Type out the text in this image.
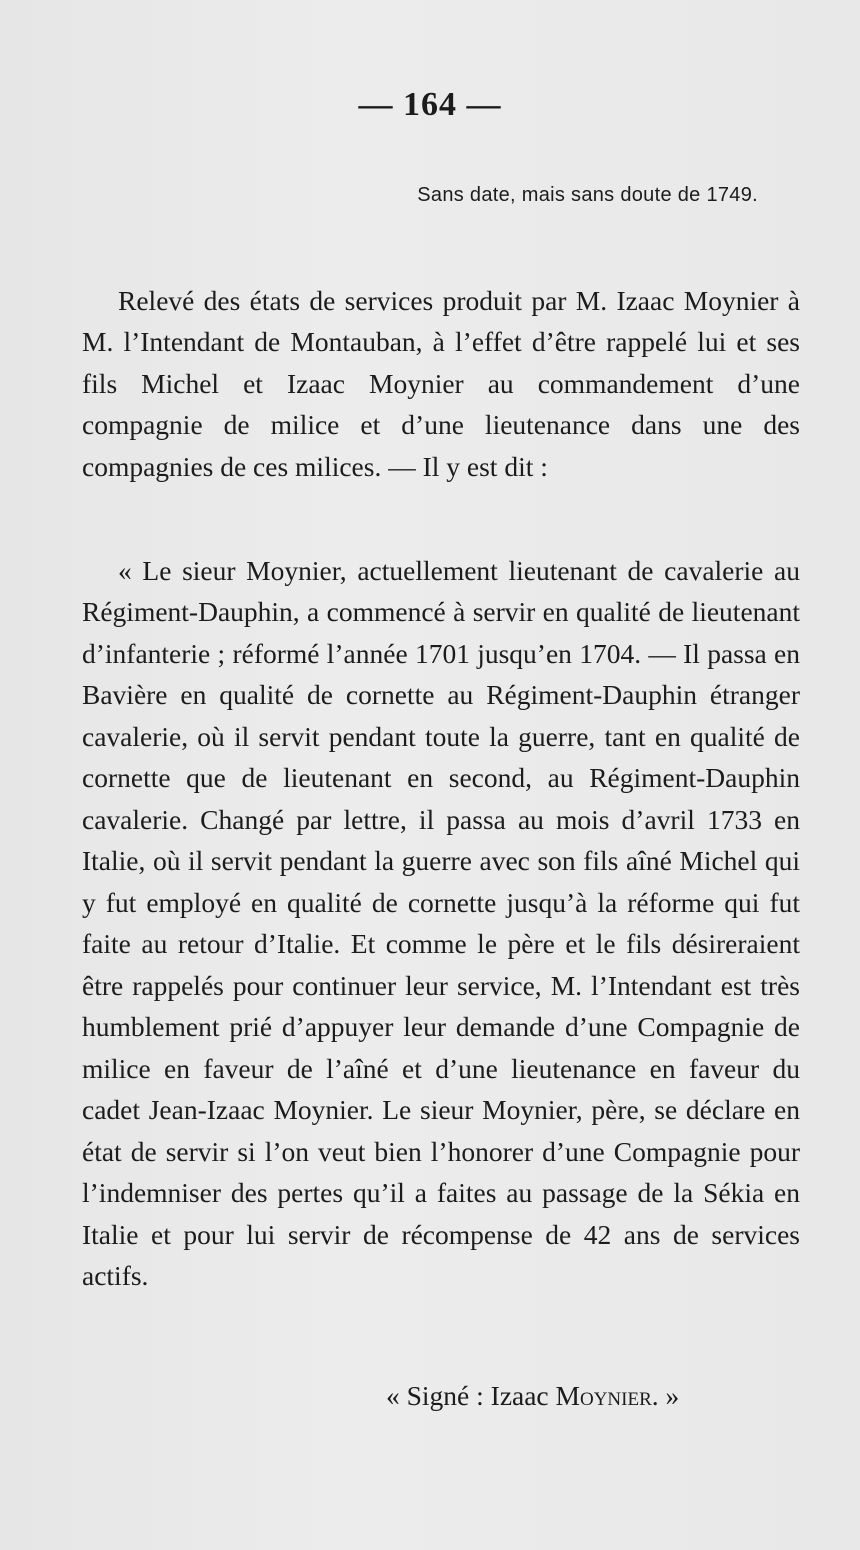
— 164 —
Sans date, mais sans doute de 1749.

Relevé des états de services produit par M. Izaac Moynier à M. l’Intendant de Montauban, à l’effet d’être rappelé lui et ses fils Michel et Izaac Moynier au commandement d’une compagnie de milice et d’une lieutenance dans une des compagnies de ces milices. — Il y est dit :

« Le sieur Moynier, actuellement lieutenant de cavalerie au Régiment-Dauphin, a commencé à servir en qualité de lieutenant d’infanterie ; réformé l’année 1701 jusqu’en 1704. — Il passa en Bavière en qualité de cornette au Régiment-Dauphin étranger cavalerie, où il servit pendant toute la guerre, tant en qualité de cornette que de lieutenant en second, au Régiment-Dauphin cavalerie. Changé par lettre, il passa au mois d’avril 1733 en Italie, où il servit pendant la guerre avec son fils aîné Michel qui y fut employé en qualité de cornette jusqu’à la réforme qui fut faite au retour d’Italie. Et comme le père et le fils désireraient être rappelés pour continuer leur service, M. l’Intendant est très humblement prié d’appuyer leur demande d’une Compagnie de milice en faveur de l’aîné et d’une lieutenance en faveur du cadet Jean-Izaac Moynier. Le sieur Moynier, père, se déclare en état de servir si l’on veut bien l’honorer d’une Compagnie pour l’indemniser des pertes qu’il a faites au passage de la Sékia en Italie et pour lui servir de récompense de 42 ans de services actifs.

« Signé : Izaac Moynier. »
